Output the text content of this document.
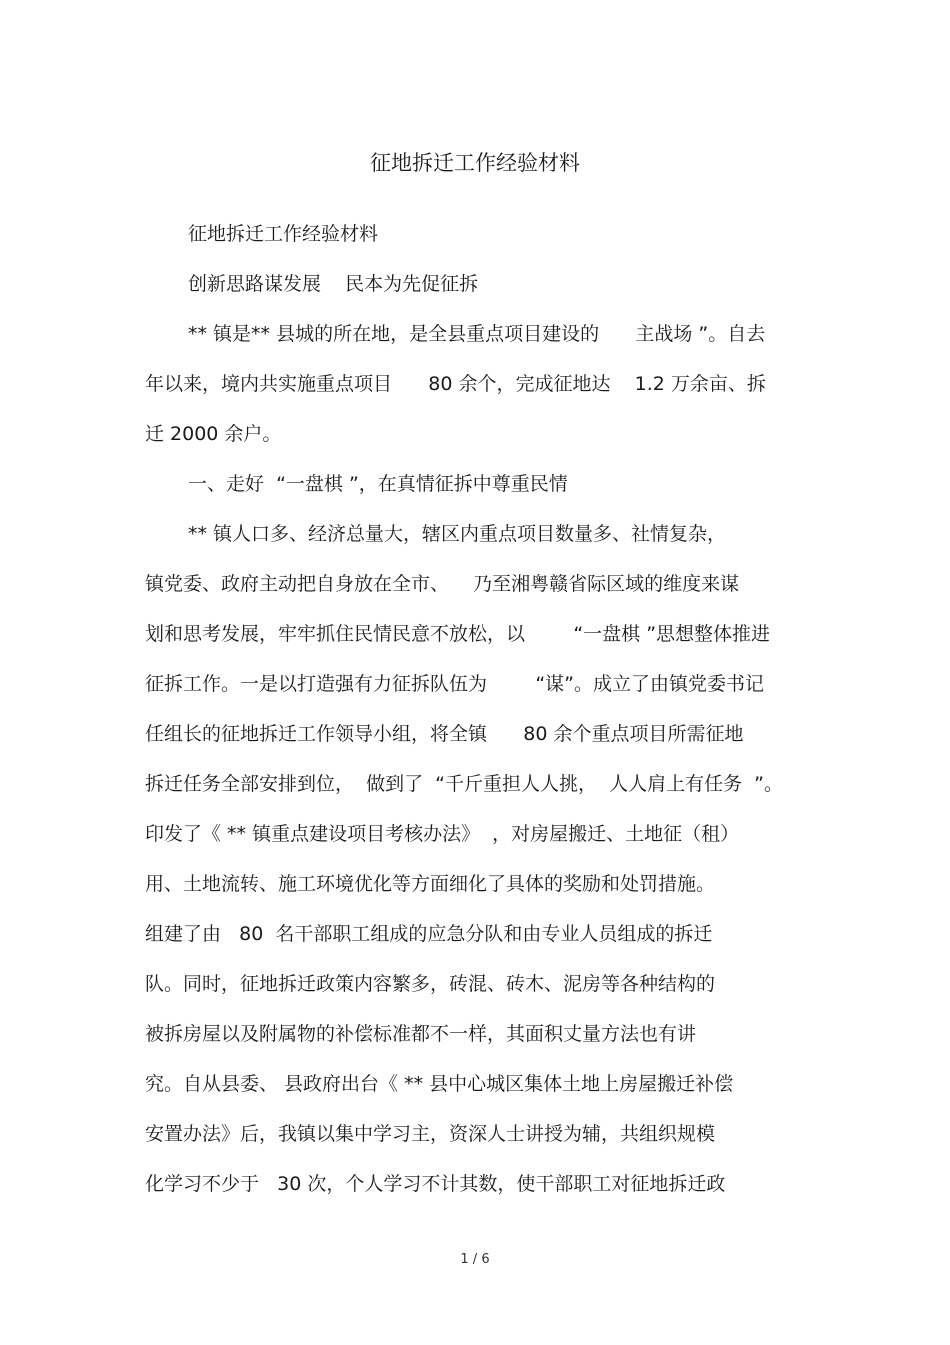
征地拆迁工作经验材料
征地拆迁工作经验材料
创新思路谋发展    民本为先促征拆
** 镇是** 县城的所在地，是全县重点项目建设的      主战场 ”。自去
年以来，境内共实施重点项目      80 余个，完成征地达    1.2 万余亩、拆
迁 2000 余户。
一、走好  “一盘棋 ”，在真情征拆中尊重民情
** 镇人口多、经济总量大，辖区内重点项目数量多、社情复杂，
镇党委、政府主动把自身放在全市、    乃至湘粤赣省际区域的维度来谋
划和思考发展，牢牢抓住民情民意不放松，以        “一盘棋 ”思想整体推进
征拆工作。一是以打造强有力征拆队伍为        “谋”。成立了由镇党委书记
任组长的征地拆迁工作领导小组，将全镇      80 余个重点项目所需征地
拆迁任务全部安排到位，  做到了  “千斤重担人人挑，  人人肩上有任务  ”。
印发了《 ** 镇重点建设项目考核办法》  ，对房屋搬迁、土地征（租）
用、土地流转、施工环境优化等方面细化了具体的奖励和处罚措施。
组建了由   80  名干部职工组成的应急分队和由专业人员组成的拆迁
队。同时，征地拆迁政策内容繁多，砖混、砖木、泥房等各种结构的
被拆房屋以及附属物的补偿标准都不一样，其面积丈量方法也有讲
究。自从县委、 县政府出台《 ** 县中心城区集体土地上房屋搬迁补偿
安置办法》后，我镇以集中学习主，资深人士讲授为辅，共组织规模
化学习不少于   30 次，个人学习不计其数，使干部职工对征地拆迁政
1 / 6
